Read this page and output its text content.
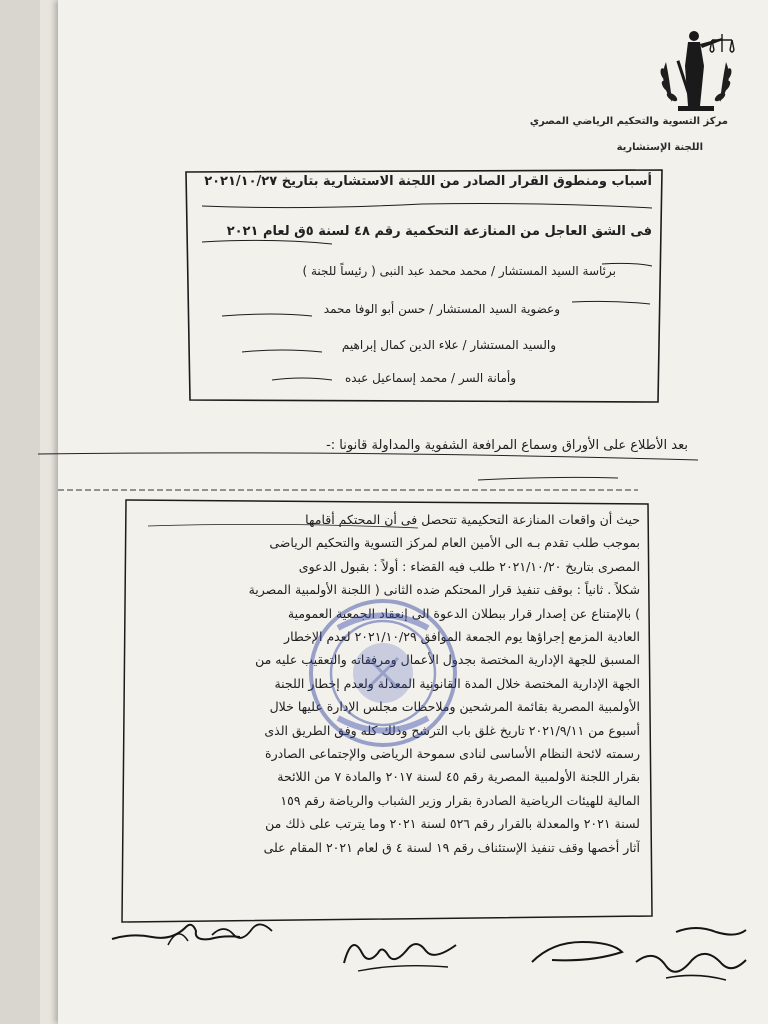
مركز التسوية والتحكيم الرياضي المصري
اللجنة الإستشارية
أسباب ومنطوق القرار الصادر من اللجنة الاستشارية بتاريخ ٢٠٢١/١٠/٢٧
فى الشق العاجل من المنازعة التحكمية رقم ٤٨ لسنة ٥ق لعام ٢٠٢١
برئاسة السيد المستشار / محمد محمد عبد النبى ( رئيساً للجنة )
وعضوية السيد المستشار / حسن أبو الوفا محمد
والسيد المستشار / علاء الدين كمال إبراهيم
وأمانة السر / محمد إسماعيل عبده
بعد الأطلاع على الأوراق وسماع المرافعة الشفوية والمداولة قانونا :-
حيث أن واقعات المنازعة التحكيمية تتحصل فى أن المحتكم أقامها
بموجب طلب تقدم بـه الى الأمين العام لمركز التسوية والتحكيم الرياضى
المصرى بتاريخ ٢٠٢١/١٠/٢٠ طلب فيه القضاء : أولاً : بقبول الدعوى
شكلاً . ثانياً : بوقف تنفيذ قرار المحتكم ضده الثانى ( اللجنة الأولمبية المصرية
) بالإمتناع عن إصدار قرار ببطلان الدعوة الى إنعقاد الجمعية العمومية
العادية المزمع إجراؤها يوم الجمعة الموافق ٢٠٢١/١٠/٢٩ لعدم الإخطار
المسبق للجهة الإدارية المختصة بجدول الأعمال ومرفقاته والتعقيب عليه من
الجهة الإدارية المختصة خلال المدة القانونية المعدلة ولعدم إخطار اللجنة
الأولمبية المصرية بقائمة المرشحين وملاحظات مجلس الإدارة عليها خلال
أسبوع من ٢٠٢١/٩/١١ تاريخ غلق باب الترشح وذلك كله وفق الطريق الذى
رسمته لائحة النظام الأساسى لنادى سموحة الرياضى والإجتماعى الصادرة
بقرار اللجنة الأولمبية المصرية رقم ٤٥ لسنة ٢٠١٧ والمادة ٧ من اللائحة
المالية للهيئات الرياضية الصادرة بقرار وزير الشباب والرياضة رقم ١٥٩
لسنة ٢٠٢١ والمعدلة بالقرار رقم ٥٢٦ لسنة ٢٠٢١ وما يترتب على ذلك من
آثار أخصها وقف تنفيذ الإستئناف رقم ١٩ لسنة ٤ ق لعام ٢٠٢١ المقام على
